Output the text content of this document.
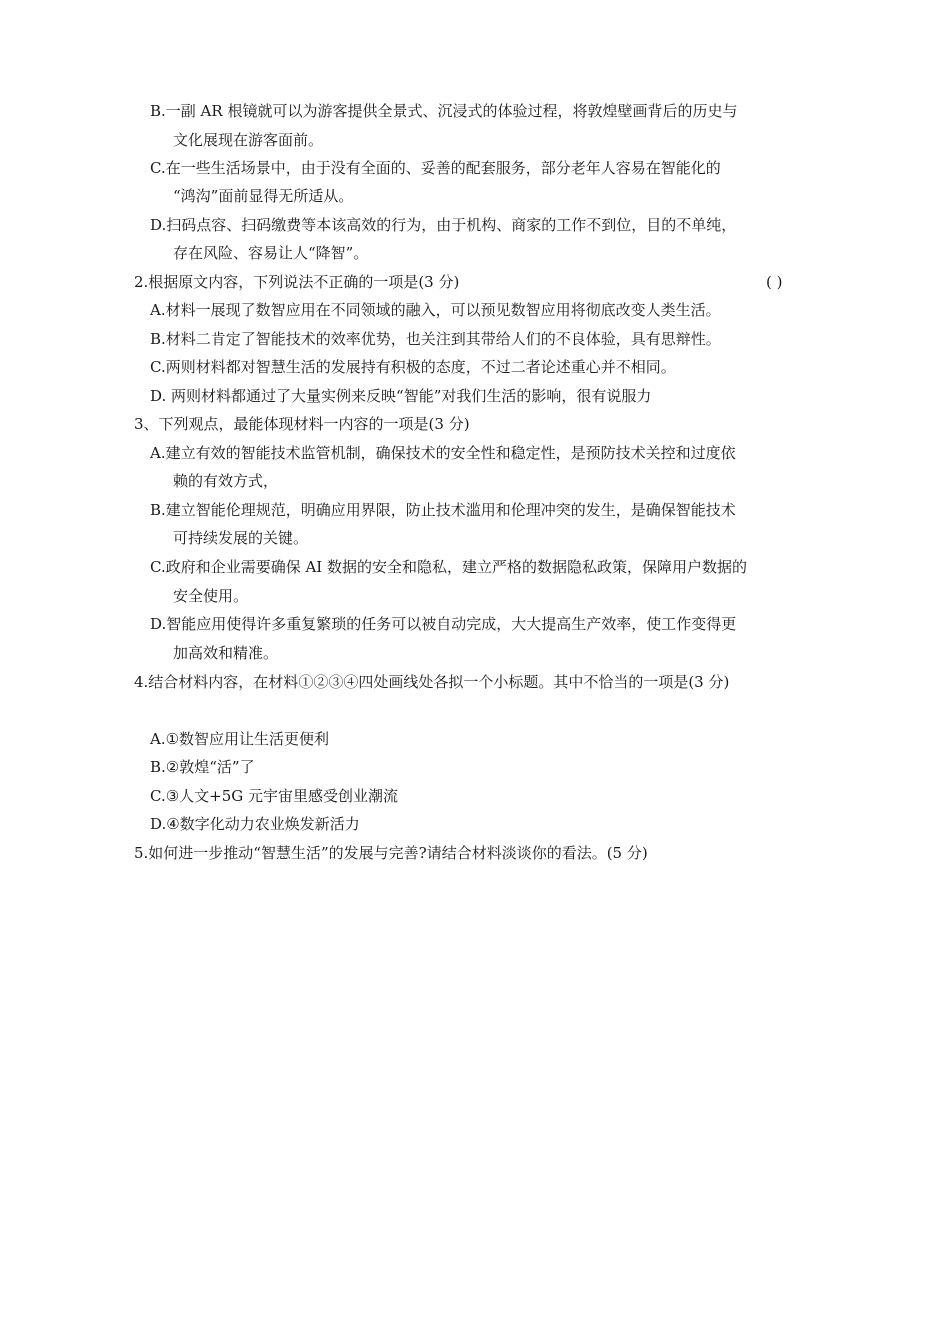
B.一副 AR 根镜就可以为游客提供全景式、沉浸式的体验过程，将敦煌壁画背后的历史与
文化展现在游客面前。
C.在一些生活场景中，由于没有全面的、妥善的配套服务，部分老年人容易在智能化的
“鸿沟”面前显得无所适从。
D.扫码点容、扫码缴费等本该高效的行为，由于机构、商家的工作不到位，目的不单纯，
存在风险、容易让人“降智”。
2.根据原文内容，下列说法不正确的一项是(3 分)	( )
A.材料一展现了数智应用在不同领域的融入，可以预见数智应用将彻底改变人类生活。
B.材料二肯定了智能技术的效率优势，也关注到其带给人们的不良体验，具有思辩性。
C.两则材料都对智慧生活的发展持有积极的态度，不过二者论述重心并不相同。
D. 两则材料都通过了大量实例来反映“智能”对我们生活的影响，很有说服力
3、下列观点，最能体现材料一内容的一项是(3 分)
A.建立有效的智能技术监管机制，确保技术的安全性和稳定性，是预防技术关控和过度依
赖的有效方式，
B.建立智能伦理规范，明确应用界限，防止技术滥用和伦理冲突的发生，是确保智能技术
可持续发展的关键。
C.政府和企业需要确保 AI 数据的安全和隐私，建立严格的数据隐私政策，保障用户数据的
安全使用。
D.智能应用使得许多重复繁琐的任务可以被自动完成，大大提高生产效率，使工作变得更
加高效和精准。
4.结合材料内容，在材料①②③④四处画线处各拟一个小标题。其中不恰当的一项是(3 分)
A.①数智应用让生活更便利
B.②敦煌“活”了
C.③人文+5G 元宇宙里感受创业潮流
D.④数字化动力农业焕发新活力
5.如何进一步推动“智慧生活”的发展与完善?请结合材料淡谈你的看法。(5 分)
